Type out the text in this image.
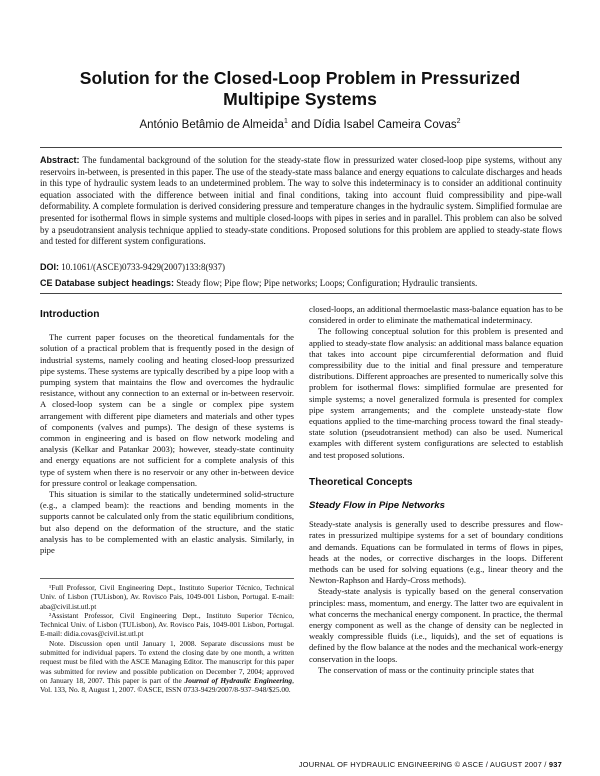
Solution for the Closed-Loop Problem in Pressurized Multipipe Systems
António Betâmio de Almeida$^1$ and Dídia Isabel Cameira Covas$^2$
Abstract: The fundamental background of the solution for the steady-state flow in pressurized water closed-loop pipe systems, without any reservoirs in-between, is presented in this paper. The use of the steady-state mass balance and energy equations to calculate discharges and heads in this type of hydraulic system leads to an undetermined problem. The way to solve this indeterminacy is to consider an additional continuity equation associated with the difference between initial and final conditions, taking into account fluid compressibility and pipe-wall deformability. A complete formulation is derived considering pressure and temperature changes in the hydraulic system. Simplified formulae are presented for isothermal flows in simple systems and multiple closed-loops with pipes in series and in parallel. This problem can also be solved by a pseudotransient analysis technique applied to steady-state conditions. Proposed solutions for this problem are applied to steady-state flows and tested for different system configurations.
DOI: 10.1061/(ASCE)0733-9429(2007)133:8(937)
CE Database subject headings: Steady flow; Pipe flow; Pipe networks; Loops; Configuration; Hydraulic transients.
Introduction

The current paper focuses on the theoretical fundamentals for the solution of a practical problem that is frequently posed in the design of industrial systems, namely cooling and heating closed-loop pressurized pipe systems. These systems are typically described by a pipe loop with a pumping system that maintains the flow and overcomes the hydraulic resistance, without any connection to an external or in-between reservoir. A closed-loop system can be a single or complex pipe system arrangement with different pipe diameters and materials and other types of components (valves and pumps). The design of these systems is common in engineering and is based on flow network modeling and analysis (Kelkar and Patankar 2003); however, steady-state continuity and energy equations are not sufficient for a complete analysis of this type of system when there is no reservoir or any other in-between device for pressure control or leakage compensation.

This situation is similar to the statically undetermined solid-structure (e.g., a clamped beam): the reactions and bending moments in the supports cannot be calculated only from the static equilibrium conditions, but also depend on the deformation of the structure, and the static analysis has to be complemented with an elastic analysis. Similarly, in pipe

¹Full Professor, Civil Engineering Dept., Instituto Superior Técnico, Technical Univ. of Lisbon (TULisbon), Av. Rovisco Pais, 1049-001 Lisbon, Portugal. E-mail: aba@civil.ist.utl.pt

²Assistant Professor, Civil Engineering Dept., Instituto Superior Técnico, Technical Univ. of Lisbon (TULisbon), Av. Rovisco Pais, 1049-001 Lisbon, Portugal. E-mail: didia.covas@civil.ist.utl.pt

Note. Discussion open until January 1, 2008. Separate discussions must be submitted for individual papers. To extend the closing date by one month, a written request must be filed with the ASCE Managing Editor. The manuscript for this paper was submitted for review and possible publication on December 7, 2004; approved on January 18, 2007. This paper is part of the Journal of Hydraulic Engineering, Vol. 133, No. 8, August 1, 2007. ©ASCE, ISSN 0733-9429/2007/8-937–948/$25.00.

closed-loops, an additional thermoelastic mass-balance equation has to be considered in order to eliminate the mathematical indeterminacy.

The following conceptual solution for this problem is presented and applied to steady-state flow analysis: an additional mass balance equation that takes into account pipe circumferential deformation and fluid compressibility due to the initial and final pressure and temperature distributions. Different approaches are presented to numerically solve this problem for isothermal flows: simplified formulae are presented for simple systems; a novel generalized formula is presented for complex pipe system arrangements; and the complete unsteady-state flow equations applied to the time-marching process toward the final steady-state solution (pseudotransient method) can also be used. Numerical examples with different system configurations are selected to establish and test proposed solutions.

Theoretical Concepts
Steady Flow in Pipe Networks

Steady-state analysis is generally used to describe pressures and flow-rates in pressurized multipipe systems for a set of boundary conditions and demands. Equations can be formulated in terms of flows in pipes, heads at the nodes, or corrective discharges in the loops. Different methods can be used for solving equations (e.g., linear theory and the Newton-Raphson and Hardy-Cross methods).

Steady-state analysis is typically based on the general conservation principles: mass, momentum, and energy. The latter two are equivalent in what concerns the mechanical energy component. In practice, the thermal energy component as well as the change of density can be neglected in weakly compressible fluids (i.e., liquids), and the set of equations is defined by the flow balance at the nodes and the mechanical work-energy conservation in the loops.

The conservation of mass or the continuity principle states that

JOURNAL OF HYDRAULIC ENGINEERING © ASCE / AUGUST 2007 / 937
